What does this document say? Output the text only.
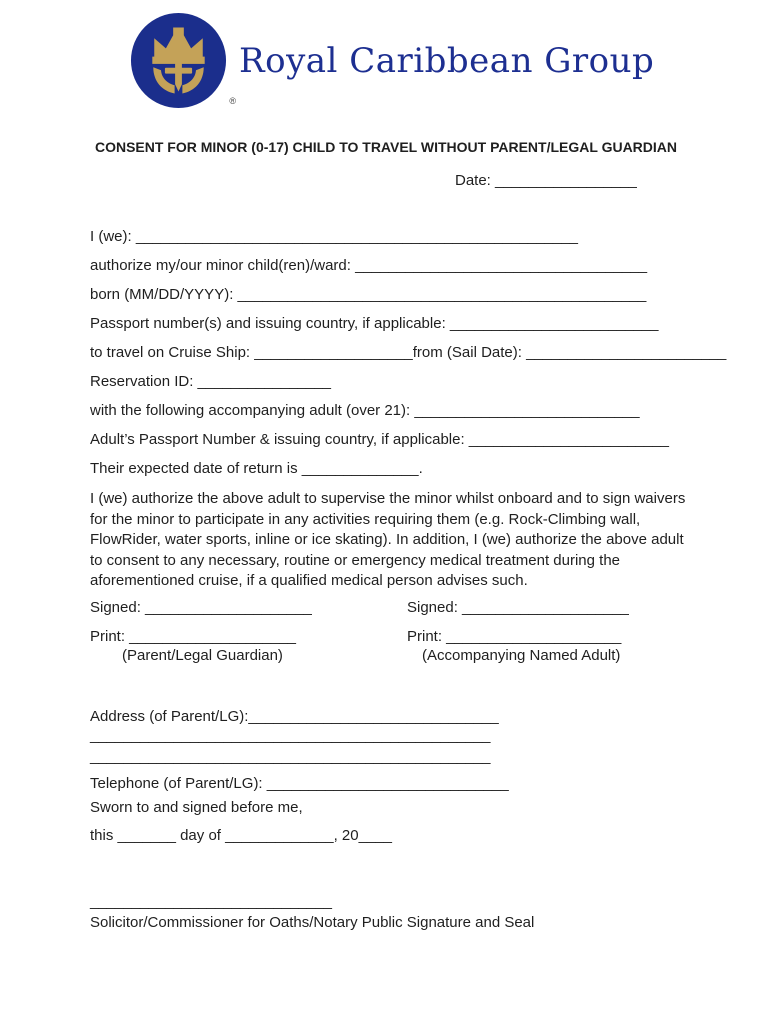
®
Royal Caribbean Group
CONSENT FOR MINOR (0-17) CHILD TO TRAVEL WITHOUT PARENT/LEGAL GUARDIAN
Date: _________________
I (we): _____________________________________________________
authorize my/our minor child(ren)/ward: ___________________________________
born (MM/DD/YYYY): _________________________________________________
Passport number(s) and issuing country, if applicable: _________________________
to travel on Cruise Ship: ___________________from (Sail Date): ________________________
Reservation ID: ________________
with the following accompanying adult (over 21): ___________________________
Adult’s Passport Number & issuing country, if applicable: ________________________
Their expected date of return is ______________.
I (we) authorize the above adult to supervise the minor whilst onboard and to sign waivers for the minor to participate in any activities requiring them (e.g. Rock-Climbing wall, FlowRider, water sports, inline or ice skating). In addition, I (we) authorize the above adult to consent to any necessary, routine or emergency medical treatment during the aforementioned cruise, if a qualified medical person advises such.
Signed: ____________________
Print: ____________________
(Parent/Legal Guardian)
Signed: ____________________
Print: _____________________
(Accompanying Named Adult)
Address (of Parent/LG):______________________________
________________________________________________
________________________________________________
Telephone (of Parent/LG): _____________________________
Sworn to and signed before me,
this _______ day of _____________, 20____
_____________________________
Solicitor/Commissioner for Oaths/Notary Public Signature and Seal
